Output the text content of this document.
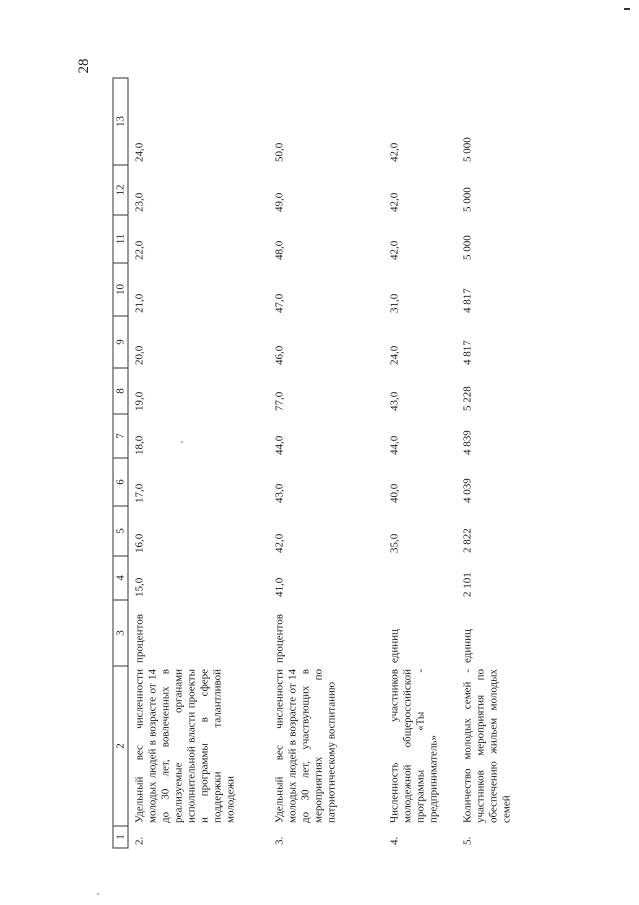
28
1	2	3	4	5	6	7	8	9	10	11	12	13
2.	Удельный вес численности молодых людей в возрасте от 14 до 30 лет, вовлеченных в реализуемые органами исполнительной власти проекты и программы в сфере поддержки талантливой молодежи	процентов	15,0	16,0	17,0	18,0	19,0	20,0	21,0	22,0	23,0	24,0
3.	Удельный вес численности молодых людей в возрасте от 14 до 30 лет, участвующих в мероприятиях по патриотическому воспитанию	процентов	41,0	42,0	43,0	44,0	77,0	46,0	47,0	48,0	49,0	50,0
4.	Численность участников молодежной общероссийской программы «Ты - предприниматель»	единиц		35,0	40,0	44,0	43,0	24,0	31,0	42,0	42,0	42,0
5.	Количество молодых семей - участников мероприятия по обеспечению жильем молодых семей	единиц	2 101	2 822	4 039	4 839	5 228	4 817	4 817	5 000	5 000	5 000
